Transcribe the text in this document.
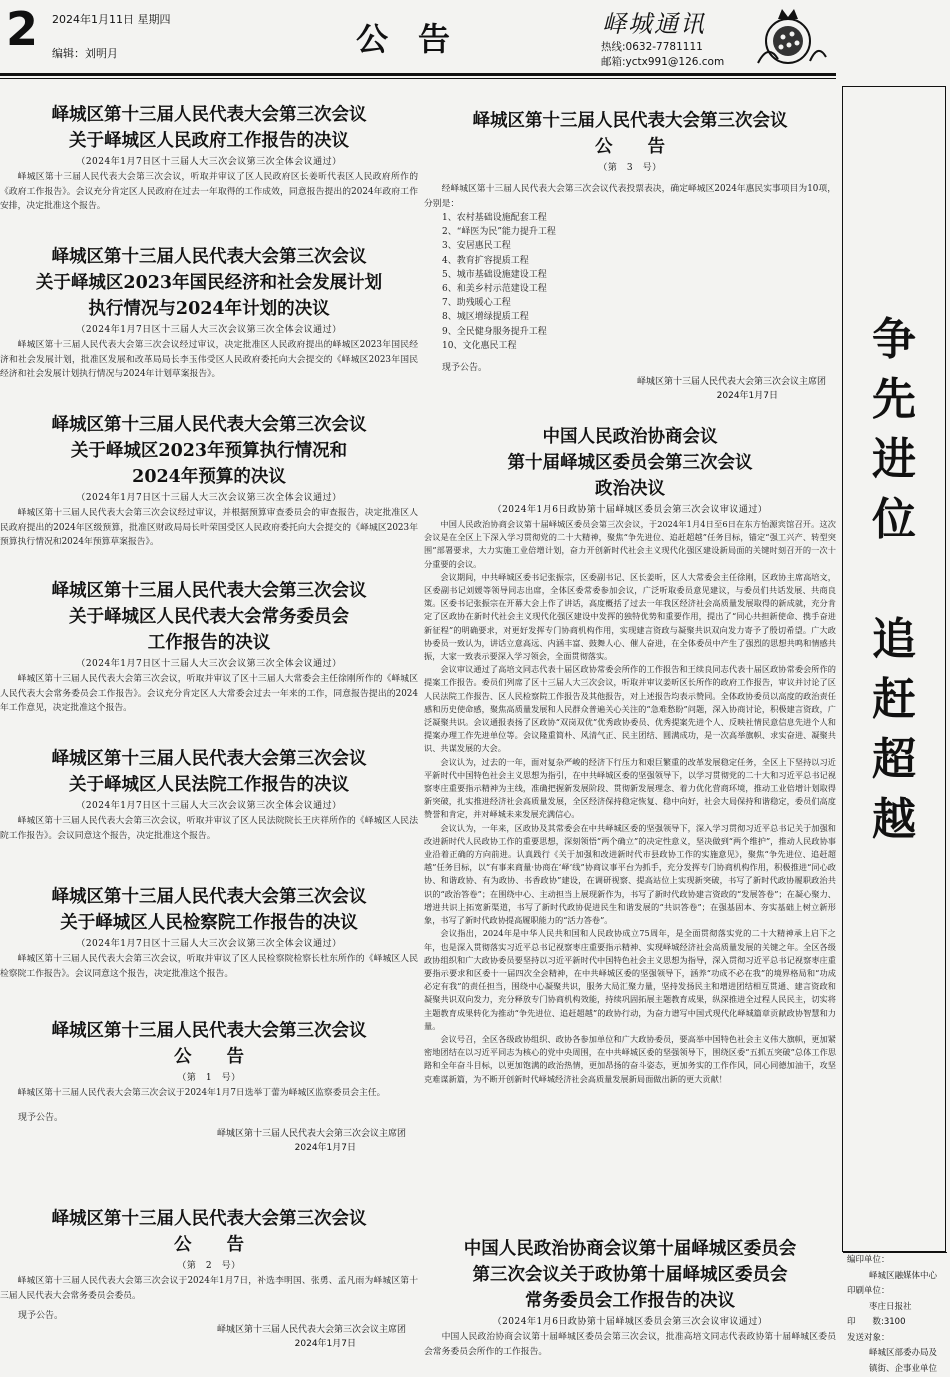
2 2024年1月11日 星期四
编辑：刘明月	公告	峄城通讯
热线:0632-7781111
邮箱:yctx991@126.com
峄城区第十三届人民代表大会第三次会议
关于峄城区人民政府工作报告的决议
（2024年1月7日区十三届人大三次会议第三次全体会议通过）
峄城区第十三届人民代表大会第三次会议，听取并审议了区人民政府区长姜昕代表区人民政府所作的《政府工作报告》。会议充分肯定区人民政府在过去一年取得的工作成效，同意报告提出的2024年政府工作安排，决定批准这个报告。
峄城区第十三届人民代表大会第三次会议
关于峄城区2023年国民经济和社会发展计划
执行情况与2024年计划的决议
（2024年1月7日区十三届人大三次会议第三次全体会议通过）
峄城区第十三届人民代表大会第三次会议经过审议，决定批准区人民政府提出的峄城区2023年国民经济和社会发展计划，批准区发展和改革局局长李玉伟受区人民政府委托向大会提交的《峄城区2023年国民经济和社会发展计划执行情况与2024年计划草案报告》。
峄城区第十三届人民代表大会第三次会议
关于峄城区2023年预算执行情况和
2024年预算的决议
（2024年1月7日区十三届人大三次会议第三次全体会议通过）
峄城区第十三届人民代表大会第三次会议经过审议，并根据预算审查委员会的审查报告，决定批准区人民政府提出的2024年区级预算，批准区财政局局长叶荣国受区人民政府委托向大会提交的《峄城区2023年预算执行情况和2024年预算草案报告》。
峄城区第十三届人民代表大会第三次会议
关于峄城区人民代表大会常务委员会
工作报告的决议
（2024年1月7日区十三届人大三次会议第三次全体会议通过）
峄城区第十三届人民代表大会第三次会议，听取并审议了区十三届人大常委会主任徐刚所作的《峄城区人民代表大会常务委员会工作报告》。会议充分肯定区人大常委会过去一年来的工作，同意报告提出的2024年工作意见，决定批准这个报告。
峄城区第十三届人民代表大会第三次会议
关于峄城区人民法院工作报告的决议
（2024年1月7日区十三届人大三次会议第三次全体会议通过）
峄城区第十三届人民代表大会第三次会议，听取并审议了区人民法院院长王庆祥所作的《峄城区人民法院工作报告》。会议同意这个报告，决定批准这个报告。
峄城区第十三届人民代表大会第三次会议
关于峄城区人民检察院工作报告的决议
（2024年1月7日区十三届人大三次会议第三次全体会议通过）
峄城区第十三届人民代表大会第三次会议，听取并审议了区人民检察院检察长杜东所作的《峄城区人民检察院工作报告》。会议同意这个报告，决定批准这个报告。
峄城区第十三届人民代表大会第三次会议
公　　告
（第　1　号）
峄城区第十三届人民代表大会第三次会议于2024年1月7日选举丁蕾为峄城区监察委员会主任。
现予公告。
峄城区第十三届人民代表大会第三次会议主席团
2024年1月7日
峄城区第十三届人民代表大会第三次会议
公　　告
（第　2　号）
峄城区第十三届人民代表大会第三次会议于2024年1月7日，补选李明国、张勇、孟凡雨为峄城区第十三届人民代表大会常务委员会委员。
现予公告。
峄城区第十三届人民代表大会第三次会议主席团
2024年1月7日
峄城区第十三届人民代表大会第三次会议
公　　告
（第　3　号）
经峄城区第十三届人民代表大会第三次会议代表投票表决，确定峄城区2024年惠民实事项目为10项，分别是：
1、农村基础设施配套工程
2、“峄医为民”能力提升工程
3、安居惠民工程
4、教育扩容提质工程
5、城市基础设施建设工程
6、和美乡村示范建设工程
7、助残暖心工程
8、城区增绿提质工程
9、全民健身服务提升工程
10、文化惠民工程
现予公告。
峄城区第十三届人民代表大会第三次会议主席团
2024年1月7日
中国人民政治协商会议
第十届峄城区委员会第三次会议
政治决议
（2024年1月6日政协第十届峄城区委员会第三次会议审议通过）

中国人民政治协商会议第十届峄城区委员会第三次会议，于2024年1月4日至6日在东方怡源宾馆召开。这次会议是在全区上下深入学习贯彻党的二十大精神，聚焦“争先进位、追赶超越”任务目标，锚定“强工兴产、转型突围”部署要求，大力实施工业倍增计划，奋力开创新时代社会主义现代化强区建设新局面的关键时刻召开的一次十分重要的会议。

会议期间，中共峄城区委书记张振宗，区委副书记、区长姜昕，区人大常委会主任徐刚，区政协主席高培文，区委副书记刘媛等领导同志出席，全体区委常委参加会议，广泛听取委员意见建议，与委员们共话发展、共商良策。区委书记张振宗在开幕大会上作了讲话，高度概括了过去一年我区经济社会高质量发展取得的新成就，充分肯定了区政协在新时代社会主义现代化强区建设中发挥的独特优势和重要作用，提出了“同心共担新使命、携手奋进新征程”的明确要求，对更好发挥专门协商机构作用，实现建言资政与凝聚共识双向发力寄予了殷切希望。广大政协委员一致认为，讲话立意高远、内涵丰富、鼓舞人心、催人奋进，在全体委员中产生了强烈的思想共鸣和情感共振，大家一致表示要深入学习领会，全面贯彻落实。

会议审议通过了高培文同志代表十届区政协常委会所作的工作报告和王续良同志代表十届区政协常委会所作的提案工作报告。委员们列席了区十三届人大三次会议，听取并审议姜昕区长所作的政府工作报告，审议并讨论了区人民法院工作报告、区人民检察院工作报告及其他报告，对上述报告均表示赞同。全体政协委员以高度的政治责任感和历史使命感，聚焦高质量发展和人民群众普遍关心关注的“急难愁盼”问题，深入协商讨论，积极建言资政，广泛凝聚共识。会议通报表扬了区政协“双岗双优”优秀政协委员、优秀提案先进个人、反映社情民意信息先进个人和提案办理工作先进单位等。会议隆重简朴、风清气正、民主团结、圆满成功，是一次高举旗帜、求实奋进、凝聚共识、共谋发展的大会。

会议认为，过去的一年，面对复杂严峻的经济下行压力和艰巨繁重的改革发展稳定任务，全区上下坚持以习近平新时代中国特色社会主义思想为指引，在中共峄城区委的坚强领导下，以学习贯彻党的二十大和习近平总书记视察枣庄重要指示精神为主线，准确把握新发展阶段、贯彻新发展理念、着力优化营商环境，推动工业倍增计划取得新突破，扎实推进经济社会高质量发展，全区经济保持稳定恢复、稳中向好，社会大局保持和谐稳定，委员们高度赞誉和肯定，并对峄城未来发展充满信心。

会议认为，一年来，区政协及其常委会在中共峄城区委的坚强领导下，深入学习贯彻习近平总书记关于加强和改进新时代人民政协工作的重要思想，深刻领悟“两个确立”的决定性意义，坚决做到“两个维护”，推动人民政协事业沿着正确的方向前进。认真践行《关于加强和改进新时代市县政协工作的实施意见》，聚焦“争先进位、追赶超越”任务目标，以“有事来商量·协商在‘峄’线”协商议事平台为抓手，充分发挥专门协商机构作用，积极推进“同心政协、和谐政协、有为政协、书香政协”建设，在调研视察、提高站位上实现新突破，书写了新时代政协履职政治共识的“政治答卷”；在围绕中心、主动担当上展现新作为，书写了新时代政协建言资政的“发展答卷”；在凝心聚力、增进共识上拓宽新渠道，书写了新时代政协促进民生和谐发展的“共识答卷”；在强基固本、夯实基础上树立新形象，书写了新时代政协提高履职能力的“活力答卷”。

会议指出，2024年是中华人民共和国和人民政协成立75周年，是全面贯彻落实党的二十大精神承上启下之年，也是深入贯彻落实习近平总书记视察枣庄重要指示精神、实现峄城经济社会高质量发展的关键之年。全区各级政协组织和广大政协委员要坚持以习近平新时代中国特色社会主义思想为指导，深入贯彻习近平总书记视察枣庄重要指示要求和区委十一届四次全会精神，在中共峄城区委的坚强领导下，涵养“功成不必在我”的境界格局和“功成必定有我”的责任担当，围绕中心凝聚共识，服务大局汇聚力量，坚持发扬民主和增进团结相互贯通、建言资政和凝聚共识双向发力，充分释放专门协商机构效能，持续巩固拓展主题教育成果，纵深推进全过程人民民主，切实将主题教育成果转化为推动“争先进位、追赶超越”的政协行动，为奋力谱写中国式现代化峄城篇章贡献政协智慧和力量。

会议号召，全区各级政协组织、政协各参加单位和广大政协委员，要高举中国特色社会主义伟大旗帜，更加紧密地团结在以习近平同志为核心的党中央周围，在中共峄城区委的坚强领导下，围绕区委“五抓五突破”总体工作思路和全年奋斗目标，以更加饱满的政治热情，更加昂扬的奋斗姿态，更加务实的工作作风，同心同德加油干，攻坚克难谋新篇，为不断开创新时代峄城经济社会高质量发展新局面做出新的更大贡献！

中国人民政治协商会议第十届峄城区委员会
第三次会议关于政协第十届峄城区委员会
常务委员会工作报告的决议
（2024年1月6日政协第十届峄城区委员会第三次会议审议通过）
中国人民政治协商会议第十届峄城区委员会第三次会议，批准高培文同志代表政协第十届峄城区委员会常务委员会所作的工作报告。
争
先
进
位
追
赶
超
越
编印单位：
峄城区融媒体中心
印刷单位：
枣庄日报社
印　　数:3100
发送对象：
峄城区部委办局及
镇街、企事业单位
